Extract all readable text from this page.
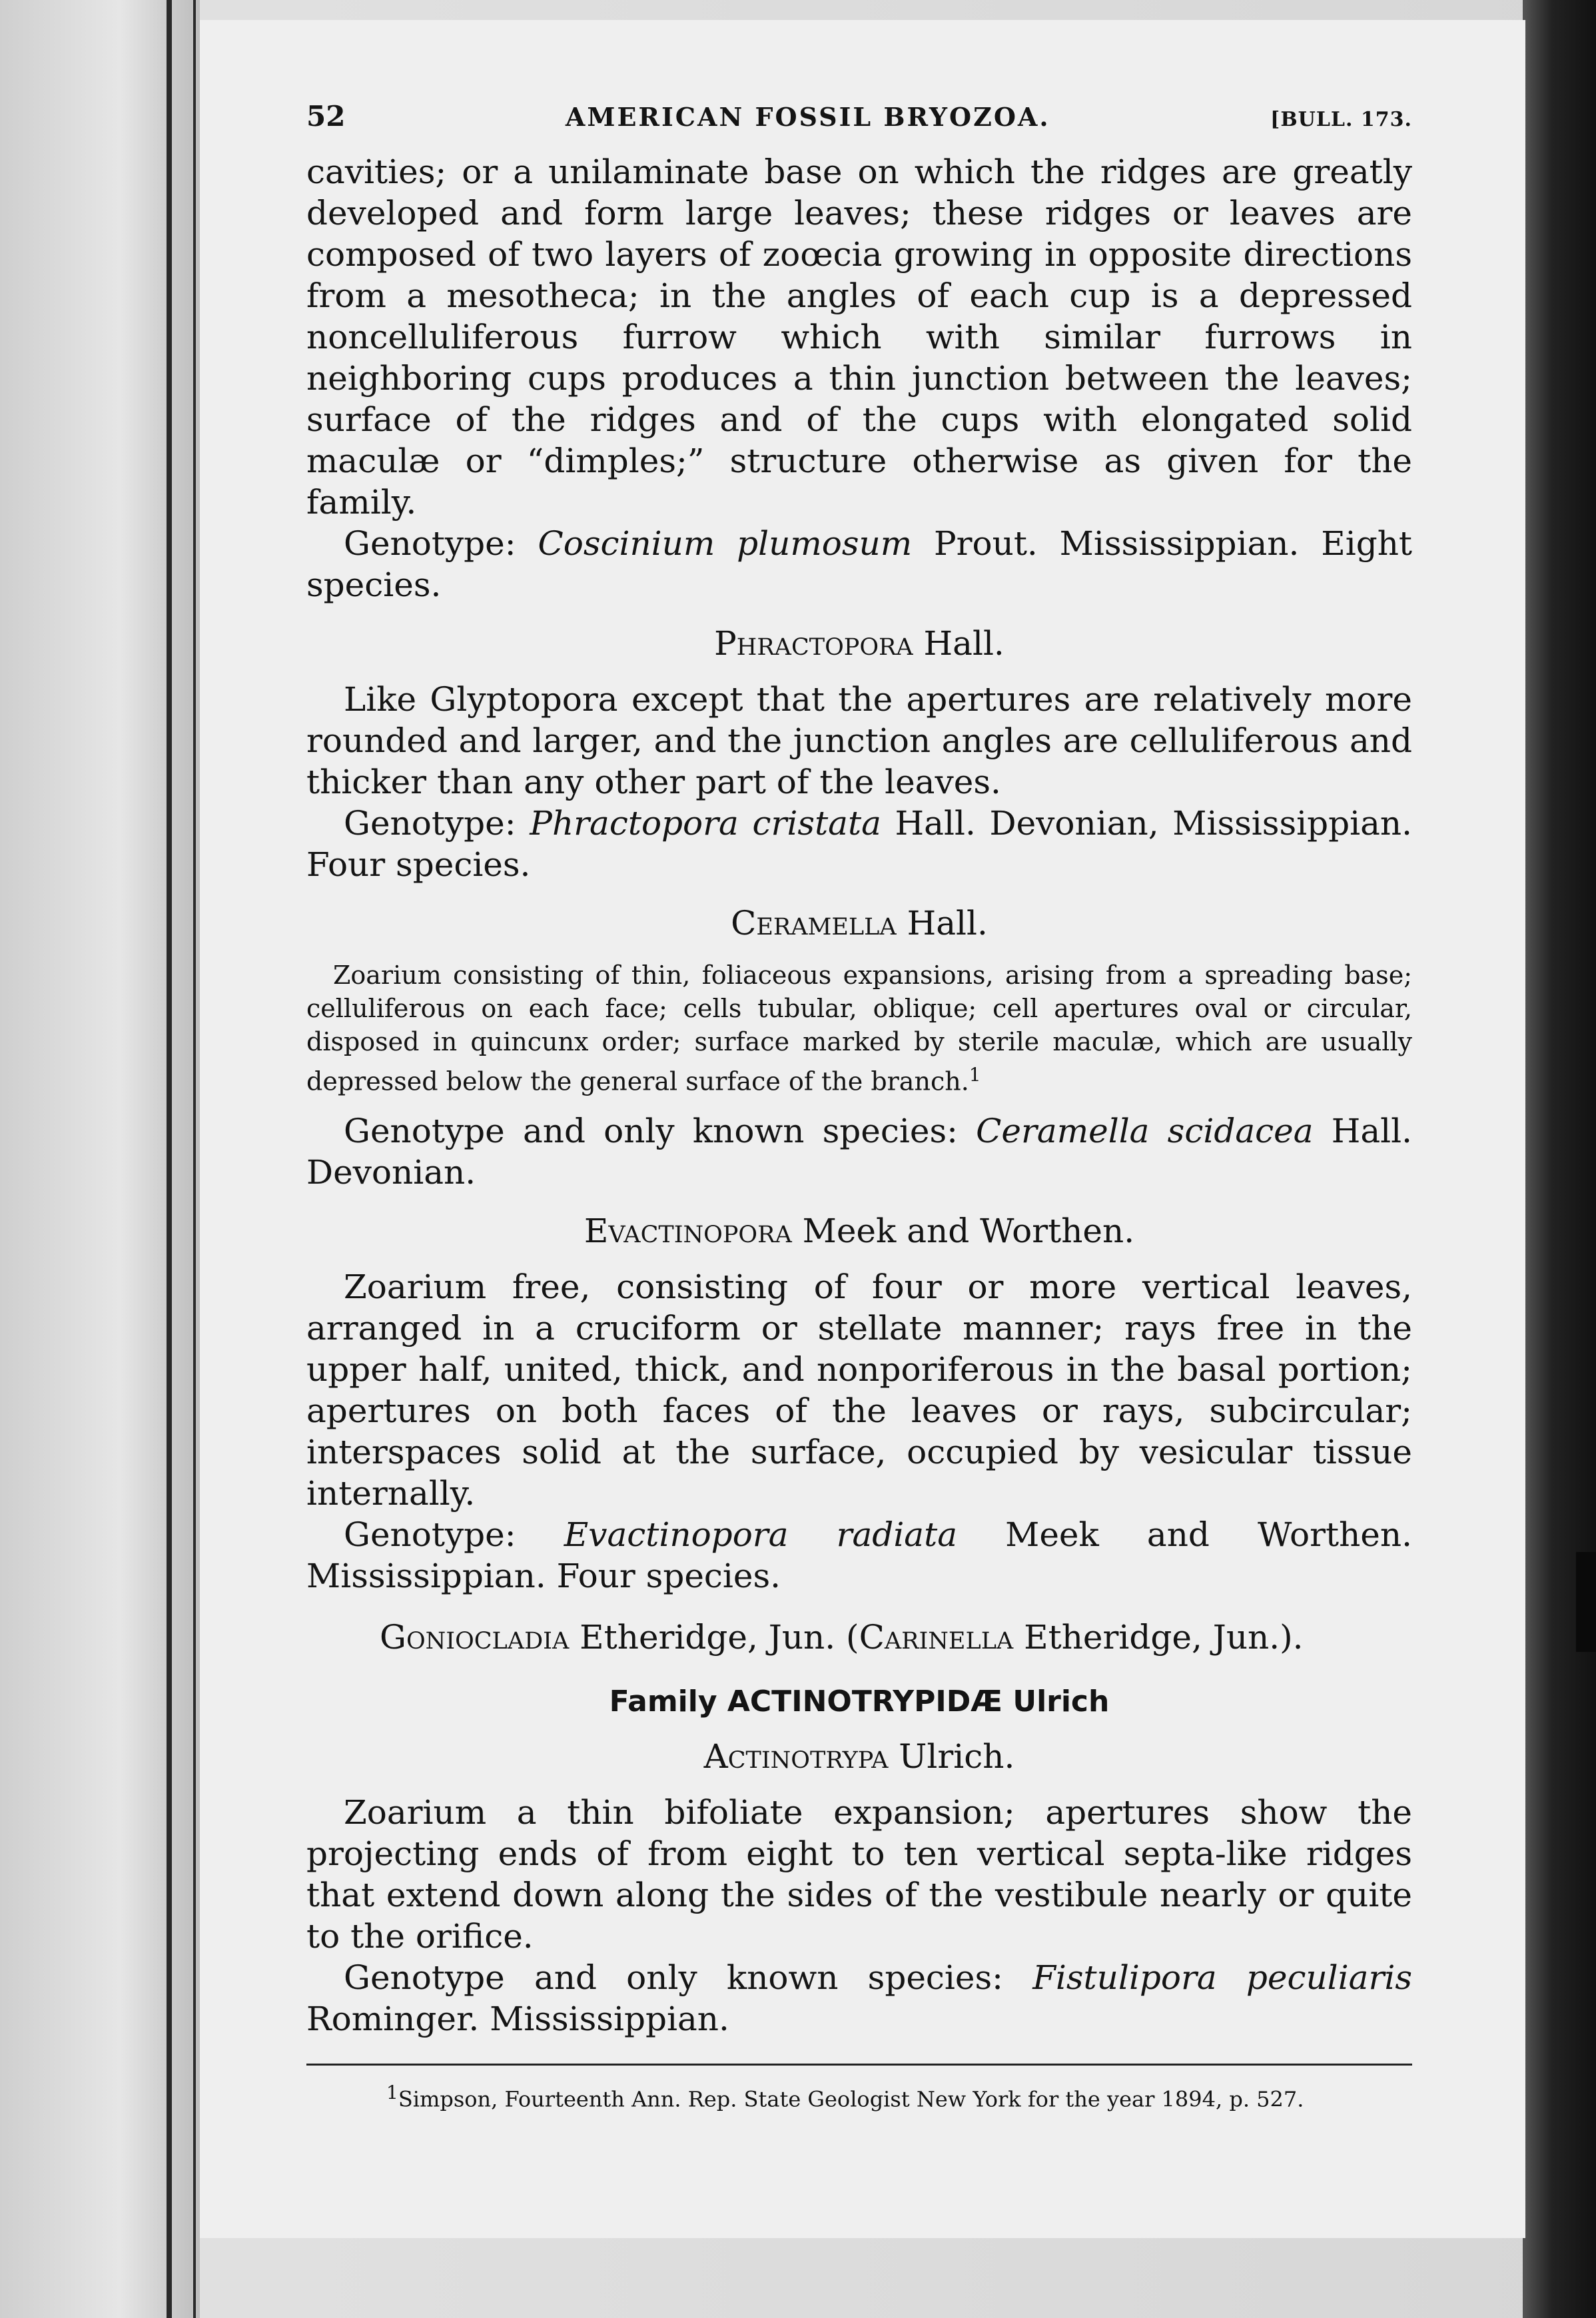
52	AMERICAN FOSSIL BRYOZOA.	[BULL. 173.

cavities; or a unilaminate base on which the ridges are greatly developed and form large leaves; these ridges or leaves are composed of two layers of zoœcia growing in opposite directions from a mesotheca; in the angles of each cup is a depressed noncelluliferous furrow which with similar furrows in neighboring cups produces a thin junction between the leaves; surface of the ridges and of the cups with elongated solid maculæ or “dimples;” structure otherwise as given for the family.

Genotype: Coscinium plumosum Prout. Mississippian. Eight species.

Phractopora Hall.

Like Glyptopora except that the apertures are relatively more rounded and larger, and the junction angles are celluliferous and thicker than any other part of the leaves.

Genotype: Phractopora cristata Hall. Devonian, Mississippian. Four species.

Ceramella Hall.

Zoarium consisting of thin, foliaceous expansions, arising from a spreading base; celluliferous on each face; cells tubular, oblique; cell apertures oval or circular, disposed in quincunx order; surface marked by sterile maculæ, which are usually depressed below the general surface of the branch.$^1$

Genotype and only known species: Ceramella scidacea Hall. Devonian.

Evactinopora Meek and Worthen.

Zoarium free, consisting of four or more vertical leaves, arranged in a cruciform or stellate manner; rays free in the upper half, united, thick, and nonporiferous in the basal portion; apertures on both faces of the leaves or rays, subcircular; interspaces solid at the surface, occupied by vesicular tissue internally.

Genotype: Evactinopora radiata Meek and Worthen. Mississippian. Four species.

Goniocladia Etheridge, Jun. (Carinella Etheridge, Jun.).
Family ACTINOTRYPIDÆ Ulrich
Actinotrypa Ulrich.

Zoarium a thin bifoliate expansion; apertures show the projecting ends of from eight to ten vertical septa-like ridges that extend down along the sides of the vestibule nearly or quite to the orifice.

Genotype and only known species: Fistulipora peculiaris Rominger. Mississippian.

$^1$Simpson, Fourteenth Ann. Rep. State Geologist New York for the year 1894, p. 527.
